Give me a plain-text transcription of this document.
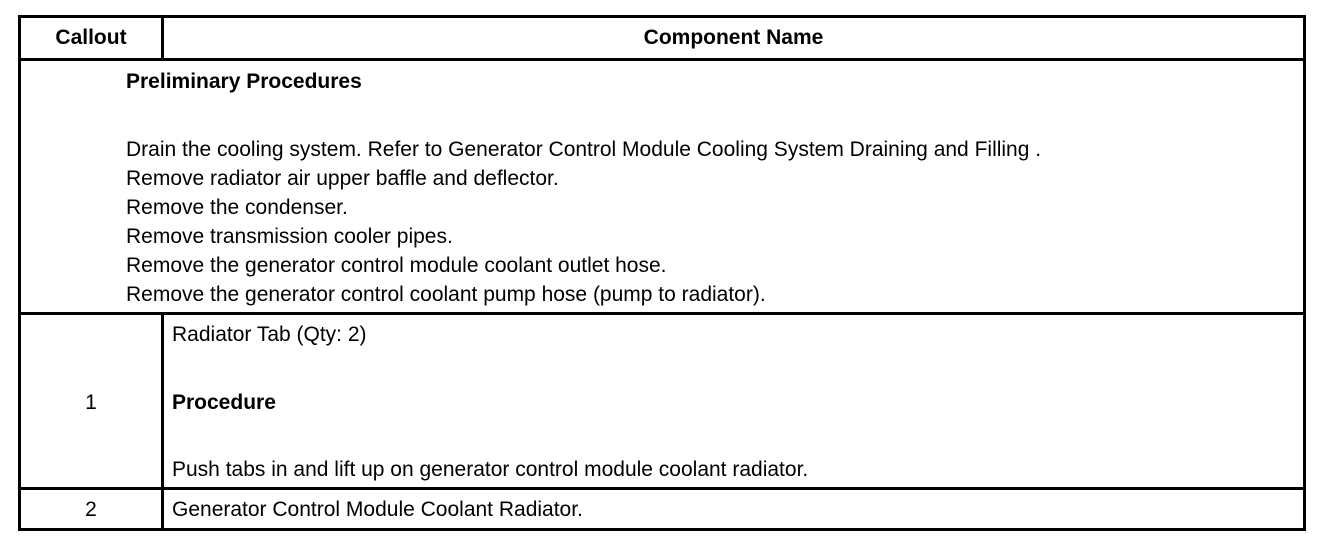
Callout	Component Name
Preliminary Procedures
Drain the cooling system. Refer to Generator Control Module Cooling System Draining and Filling .
Remove radiator air upper baffle and deflector.
Remove the condenser.
Remove transmission cooler pipes.
Remove the generator control module coolant outlet hose.
Remove the generator control coolant pump hose (pump to radiator).
1
Radiator Tab (Qty: 2)
Procedure
Push tabs in and lift up on generator control module coolant radiator.
2	Generator Control Module Coolant Radiator.
